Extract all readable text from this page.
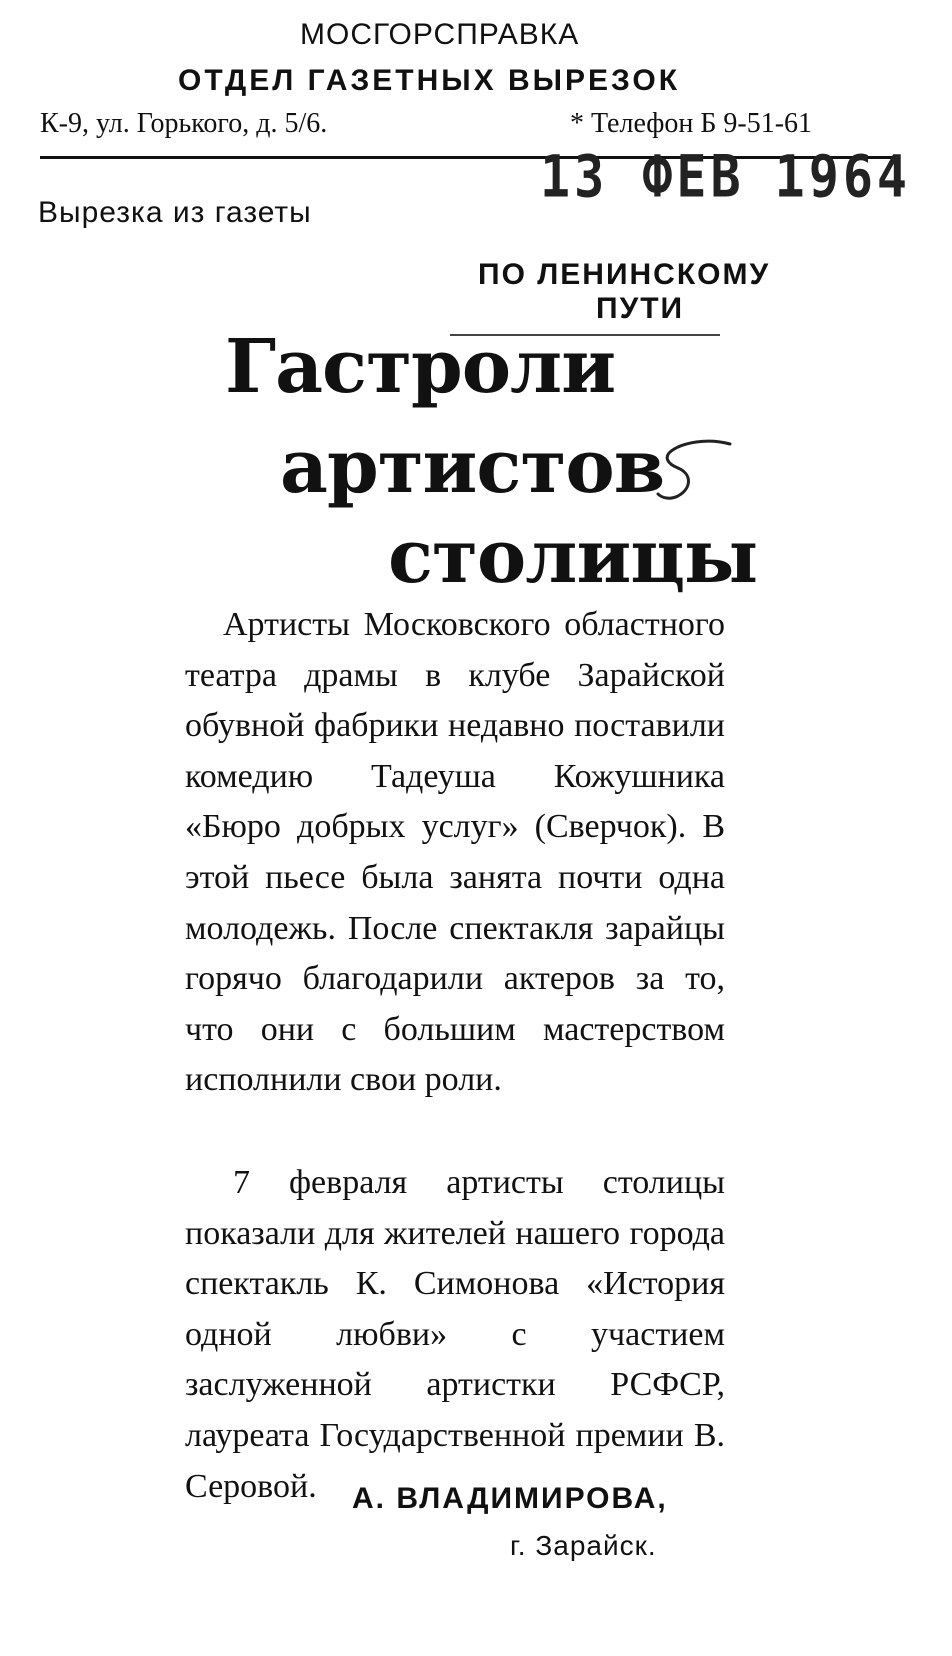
МОСГОРСПРАВКА
ОТДЕЛ ГАЗЕТНЫХ ВЫРЕЗОК
К-9, ул. Горького, д. 5/6.	* Телефон Б 9-51-61
13 ФЕВ 1964
Вырезка из газеты
ПО ЛЕНИНСКОМУ
ПУТИ
Гастроли
артистов
столицы
Артисты Московского областного театра драмы в клубе Зарайской обувной фабрики недавно поставили комедию Тадеуша Кожушника «Бюро добрых услуг» (Сверчок). В этой пьесе была занята почти одна молодежь. После спектакля зарайцы горячо благодарили актеров за то, что они с большим мастерством исполнили свои роли.
7 февраля артисты столицы показали для жителей нашего города спектакль К. Симонова «История одной любви» с участием заслуженной артистки РСФСР, лауреата Государственной премии В. Серовой.	А. ВЛАДИМИРОВА,
г. Зарайск.
